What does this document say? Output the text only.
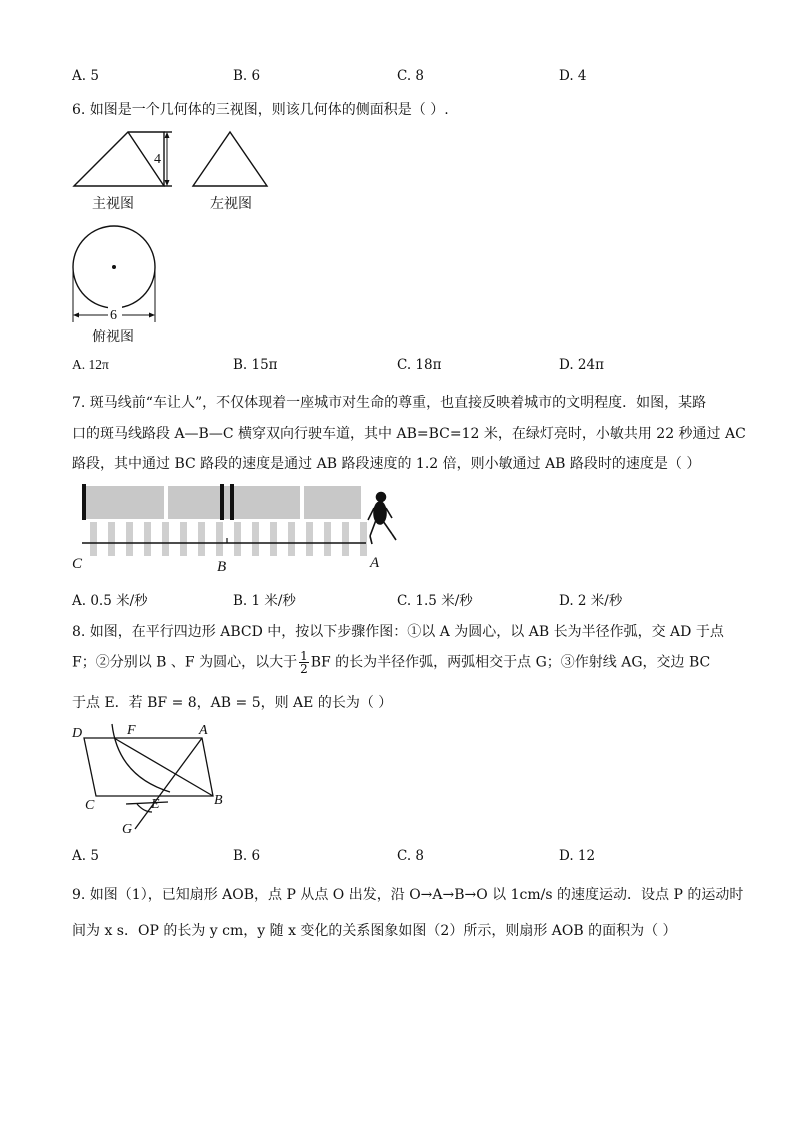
A. 5	B. 6	C. 8	D. 4
6. 如图是一个几何体的三视图，则该几何体的侧面积是（ ）.
4
6
主视图	左视图
俯视图
A. 12π	B. 15π	C. 18π	D. 24π
7. 斑马线前“车让人”，不仅体现着一座城市对生命的尊重，也直接反映着城市的文明程度．如图，某路
口的斑马线路段 A—B—C 横穿双向行驶车道，其中 AB=BC=12 米，在绿灯亮时，小敏共用 22 秒通过 AC
路段，其中通过 BC 路段的速度是通过 AB 路段速度的 1.2 倍，则小敏通过 AB 路段时的速度是（ ）
C	B	A
A. 0.5 米/秒	B. 1 米/秒	C. 1.5 米/秒	D. 2 米/秒
8. 如图，在平行四边形 ABCD 中，按以下步骤作图：①以 A 为圆心，以 AB 长为半径作弧，交 AD 于点
F；②分别以 B 、F 为圆心，以大于 $\frac{1}{2}$ BF 的长为半径作弧，两弧相交于点 G；③作射线 AG，交边 BC
于点 E．若 BF = 8，AB = 5，则 AE 的长为（ ）
D	F	A
C	E	B
G
A. 5	B. 6	C. 8	D. 12
9. 如图（1），已知扇形 AOB，点 P 从点 O 出发，沿 O→A→B→O 以 1cm/s 的速度运动．设点 P 的运动时
间为 x s．OP 的长为 y cm，y 随 x 变化的关系图象如图（2）所示，则扇形 AOB 的面积为（ ）
